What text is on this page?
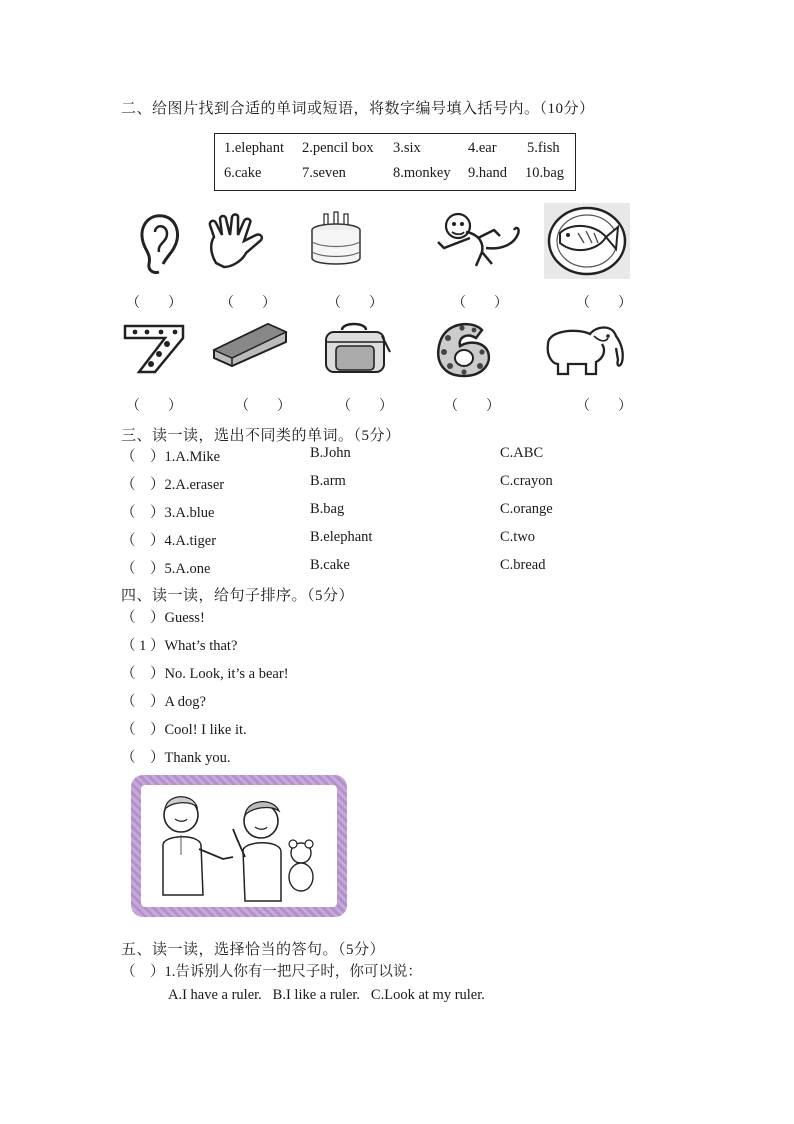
二、给图片找到合适的单词或短语，将数字编号填入括号内。（10分）
1.elephant 2.pencil box 3.six	4.ear 5.fish
6.cake	7.seven	8.monkey 9.hand 10.bag
（　　）	（　　）	（　　）	（　　）	（　　）
（　　）	（　　）	（　　）	（　　）	（　　）
三、读一读，选出不同类的单词。（5分）
（　）1.A.Mike	B.John	C.ABC
（　）2.A.eraser	B.arm	C.crayon
（　）3.A.blue	B.bag	C.orange
（　）4.A.tiger	B.elephant	C.two
（　）5.A.one	B.cake	C.bread
四、读一读，给句子排序。（5分）
（　）Guess!
（ 1 ）What’s that?
（　）No. Look, it’s a bear!
（　）A dog?
（　）Cool! I like it.
（　）Thank you.
五、读一读，选择恰当的答句。（5分）
（　）1.告诉别人你有一把尺子时，你可以说：
A.I have a ruler.   B.I like a ruler.   C.Look at my ruler.
